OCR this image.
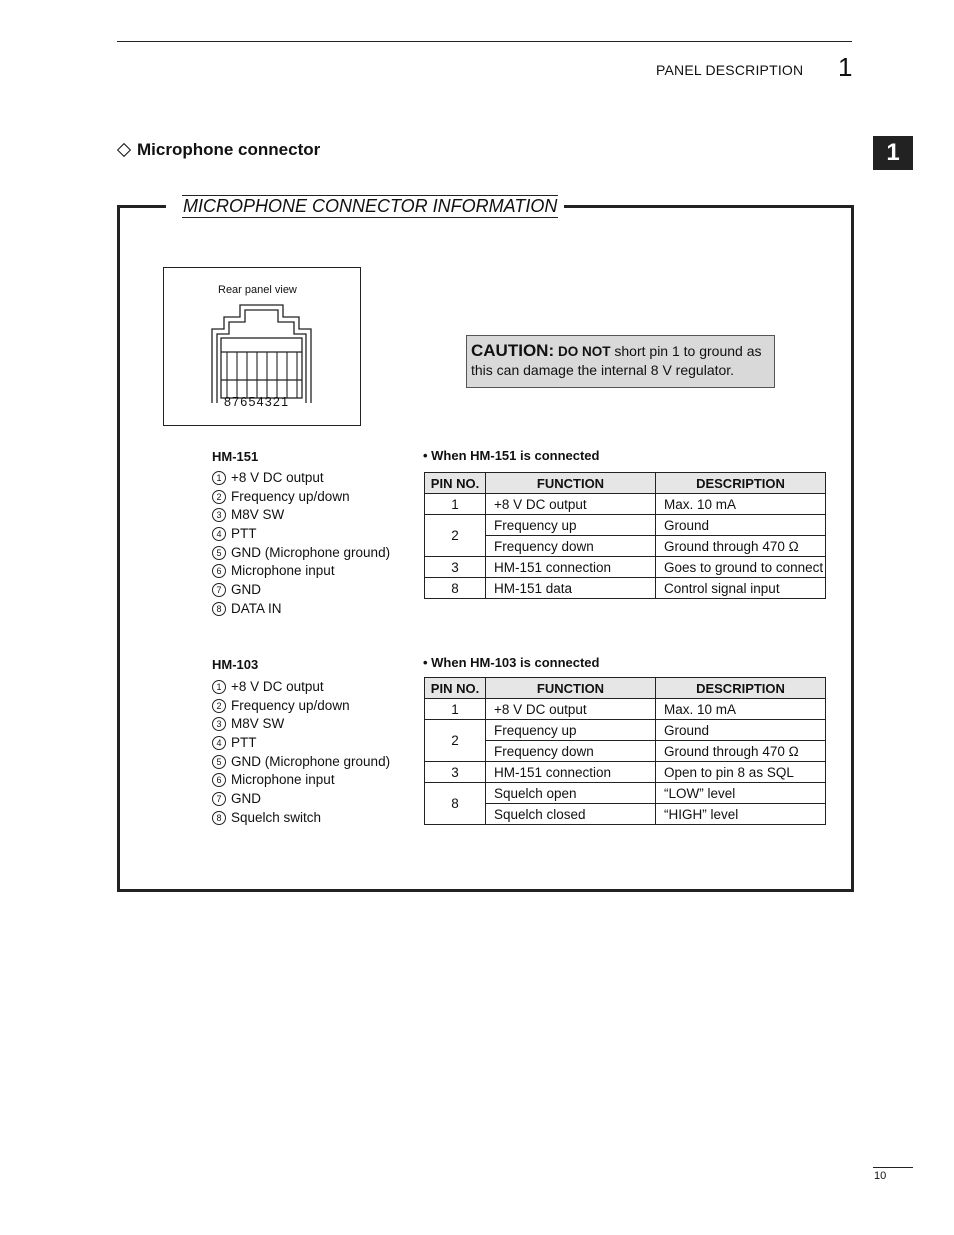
PANEL DESCRIPTION 1
1
Microphone connector
MICROPHONE CONNECTOR INFORMATION
Rear panel view
87654321
CAUTION: DO NOT short pin 1 to ground as this can damage the internal 8 V regulator.
HM-151
1 +8 V DC output
2 Frequency up/down
3 M8V SW
4 PTT
5 GND (Microphone ground)
6 Microphone input
7 GND
8 DATA IN
• When HM-151 is connected
PIN NO.	FUNCTION	DESCRIPTION
1	+8 V DC output	Max. 10 mA
2	Frequency up	Ground
	Frequency down	Ground through 470 Ω
3	HM-151 connection	Goes to ground to connect
8	HM-151 data	Control signal input
HM-103
1 +8 V DC output
2 Frequency up/down
3 M8V SW
4 PTT
5 GND (Microphone ground)
6 Microphone input
7 GND
8 Squelch switch
• When HM-103 is connected
PIN NO.	FUNCTION	DESCRIPTION
1	+8 V DC output	Max. 10 mA
2	Frequency up	Ground
	Frequency down	Ground through 470 Ω
3	HM-151 connection	Open to pin 8 as SQL
8	Squelch open	“LOW” level
	Squelch closed	“HIGH” level
10
